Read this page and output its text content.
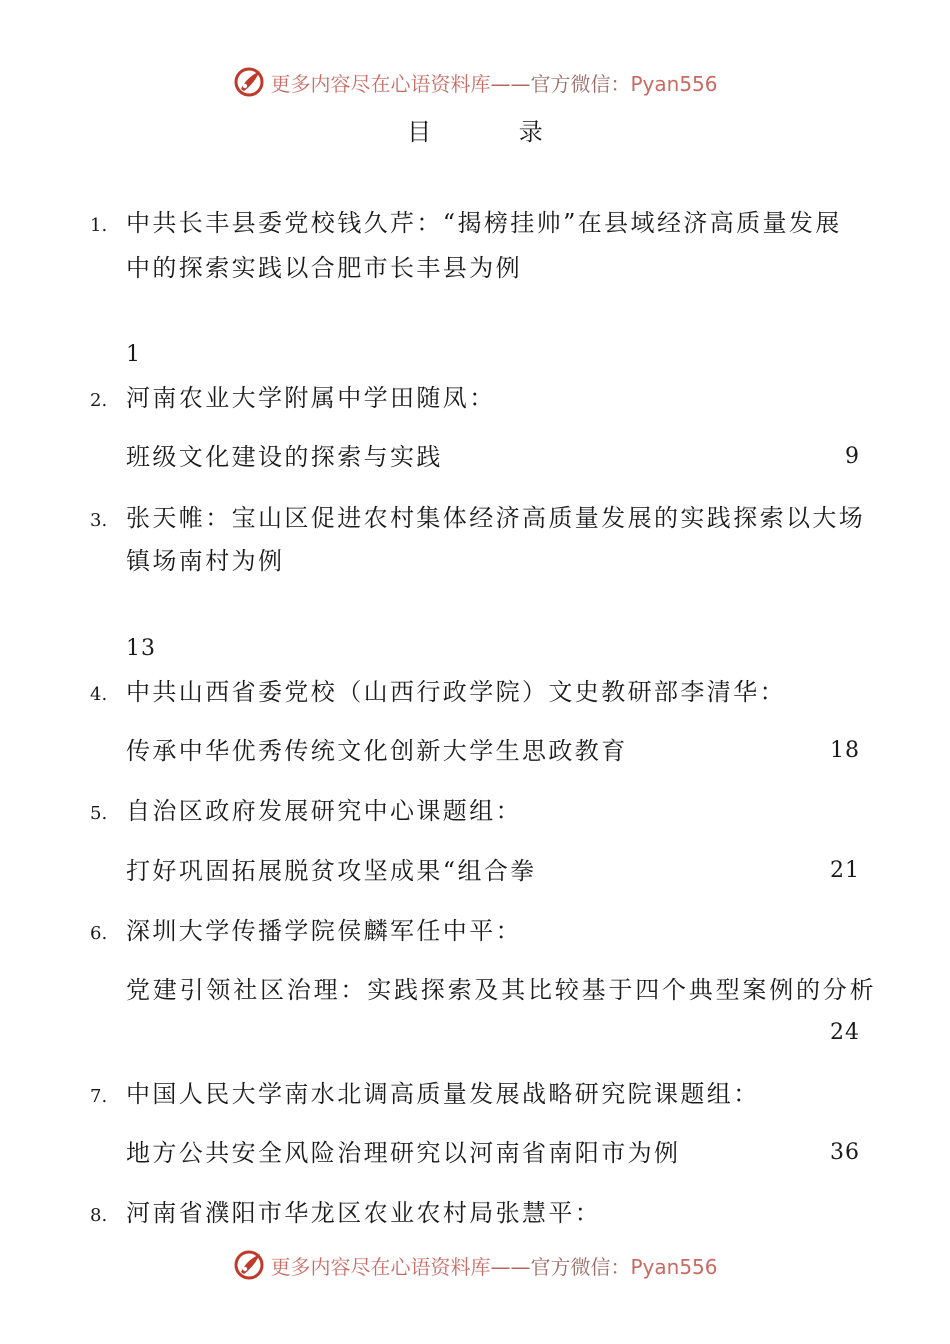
更多内容尽在心语资料库——官方微信：Pyan556
目 录
1. 中共长丰县委党校钱久芹：“揭榜挂帅”在县域经济高质量发展
中的探索实践以合肥市长丰县为例
1
2. 河南农业大学附属中学田随凤：
班级文化建设的探索与实践	9
3. 张天帷：宝山区促进农村集体经济高质量发展的实践探索以大场
镇场南村为例
13
4. 中共山西省委党校（山西行政学院）文史教研部李清华：
传承中华优秀传统文化创新大学生思政教育	18
5. 自治区政府发展研究中心课题组：
打好巩固拓展脱贫攻坚成果“组合拳	21
6. 深圳大学传播学院侯麟军任中平：
党建引领社区治理：实践探索及其比较基于四个典型案例的分析
24
7. 中国人民大学南水北调高质量发展战略研究院课题组：
地方公共安全风险治理研究以河南省南阳市为例	36
8. 河南省濮阳市华龙区农业农村局张慧平：
更多内容尽在心语资料库——官方微信：Pyan556
